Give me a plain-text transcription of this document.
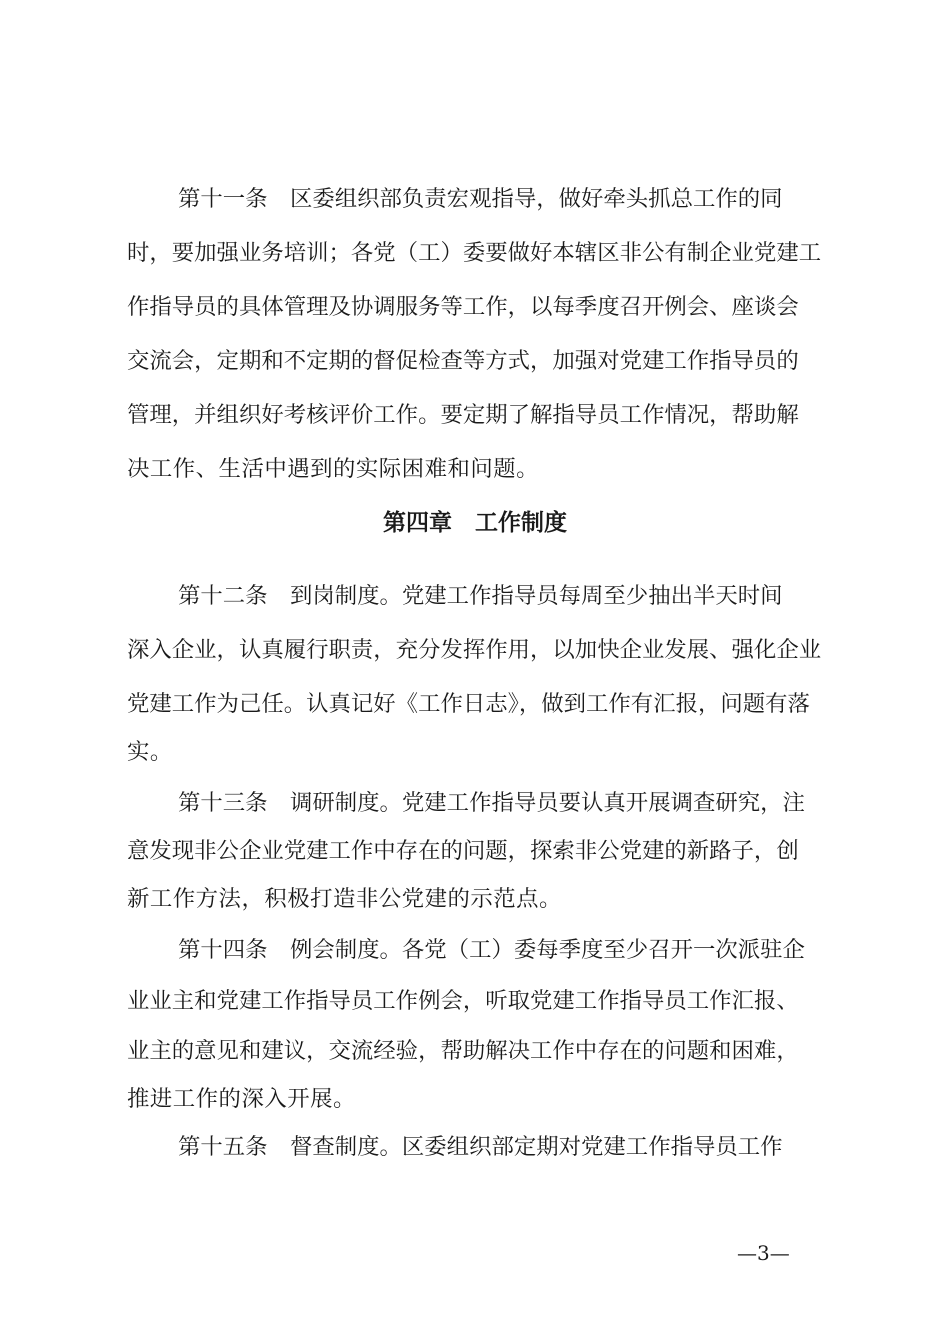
第十一条　区委组织部负责宏观指导，做好牵头抓总工作的同
时，要加强业务培训；各党（工）委要做好本辖区非公有制企业党建工
作指导员的具体管理及协调服务等工作，以每季度召开例会、座谈会
交流会，定期和不定期的督促检查等方式，加强对党建工作指导员的
管理，并组织好考核评价工作。要定期了解指导员工作情况，帮助解
决工作、生活中遇到的实际困难和问题。
第四章　工作制度
第十二条　到岗制度。党建工作指导员每周至少抽出半天时间
深入企业，认真履行职责，充分发挥作用，以加快企业发展、强化企业
党建工作为己任。认真记好《工作日志》，做到工作有汇报，问题有落
实。
第十三条　调研制度。党建工作指导员要认真开展调查研究，注
意发现非公企业党建工作中存在的问题，探索非公党建的新路子，创
新工作方法，积极打造非公党建的示范点。
第十四条　例会制度。各党（工）委每季度至少召开一次派驻企
业业主和党建工作指导员工作例会，听取党建工作指导员工作汇报、
业主的意见和建议，交流经验，帮助解决工作中存在的问题和困难，
推进工作的深入开展。
第十五条　督查制度。区委组织部定期对党建工作指导员工作
—3—
